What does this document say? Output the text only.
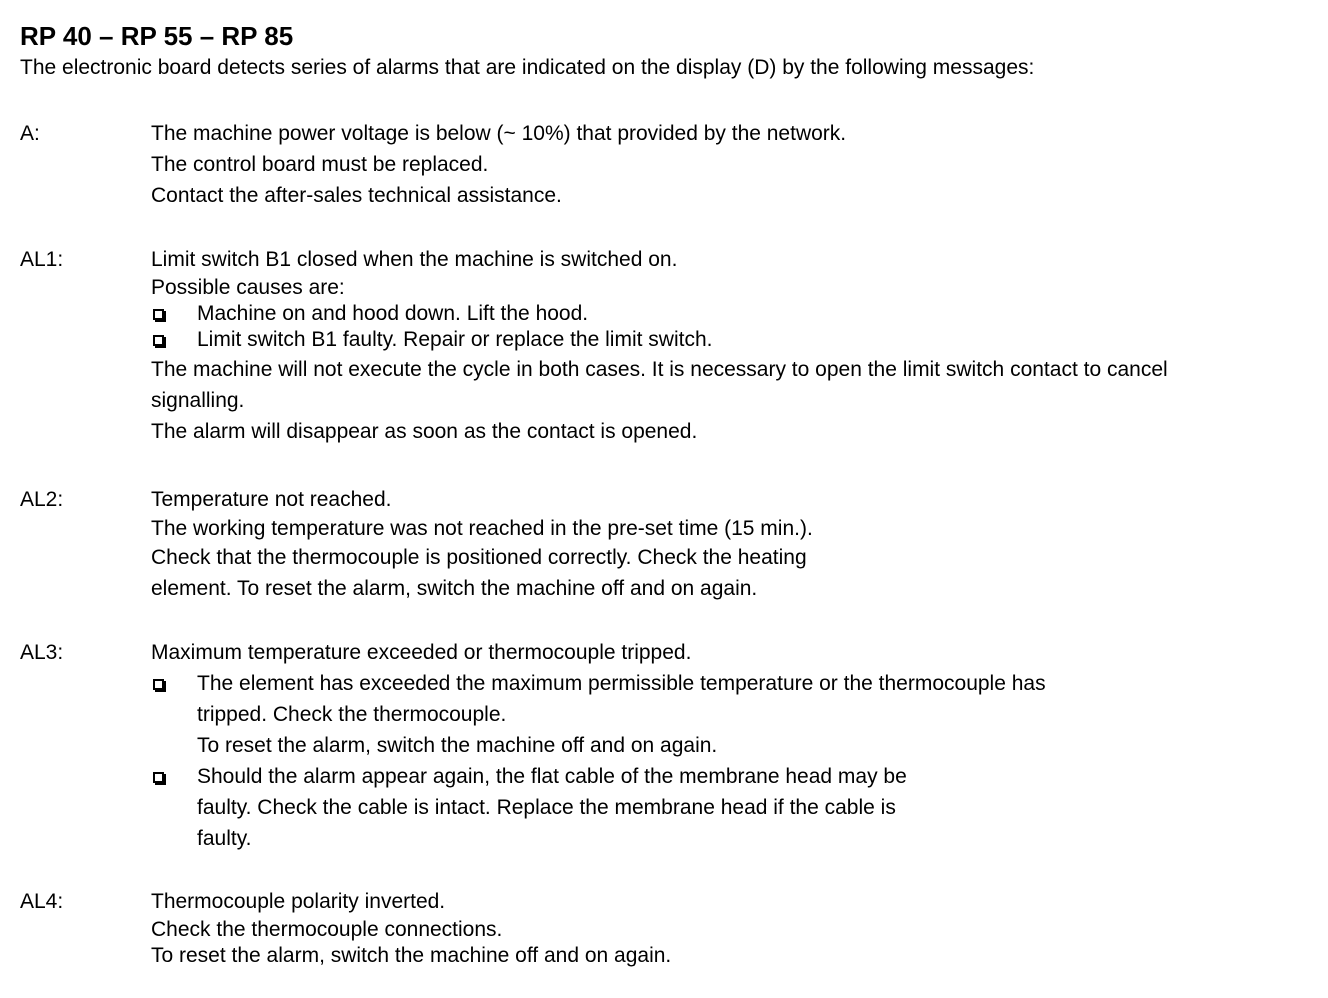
RP 40 – RP 55 – RP 85
The electronic board detects series of alarms that are indicated on the display (D) by the following messages:
A:	The machine power voltage is below (~ 10%) that provided by the network.
The control board must be replaced.
Contact the after-sales technical assistance.
AL1:	Limit switch B1 closed when the machine is switched on.
Possible causes are:
Machine on and hood down. Lift the hood.
Limit switch B1 faulty. Repair or replace the limit switch.
The machine will not execute the cycle in both cases. It is necessary to open the limit switch contact to cancel
signalling.
The alarm will disappear as soon as the contact is opened.
AL2:	Temperature not reached.
The working temperature was not reached in the pre-set time (15 min.).
Check that the thermocouple is positioned correctly. Check the heating
element. To reset the alarm, switch the machine off and on again.
AL3:	Maximum temperature exceeded or thermocouple tripped.
The element has exceeded the maximum permissible temperature or the thermocouple has
tripped. Check the thermocouple.
To reset the alarm, switch the machine off and on again.
Should the alarm appear again, the flat cable of the membrane head may be
faulty. Check the cable is intact. Replace the membrane head if the cable is
faulty.
AL4:	Thermocouple polarity inverted.
Check the thermocouple connections.
To reset the alarm, switch the machine off and on again.
